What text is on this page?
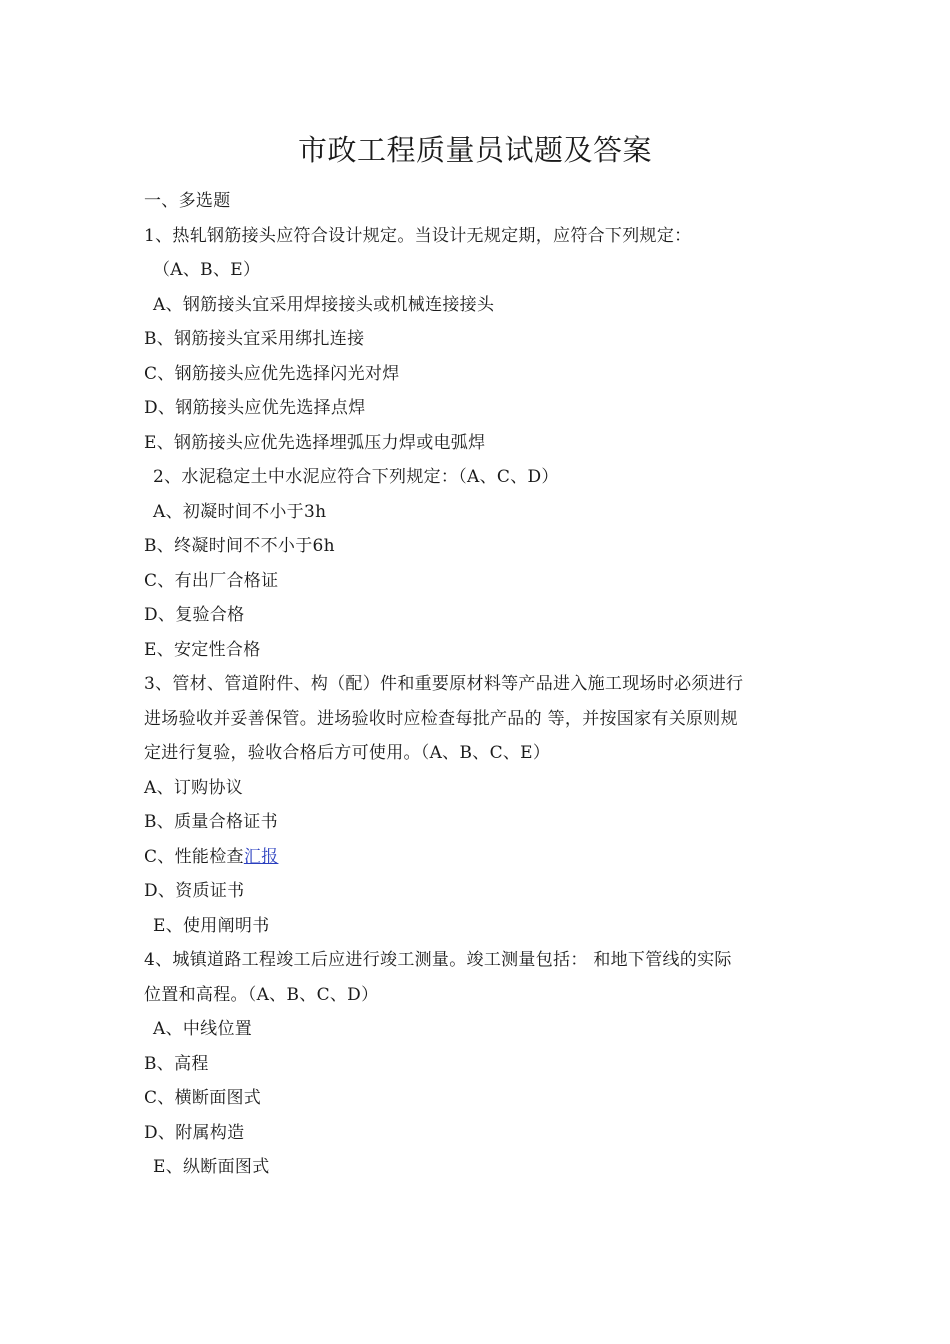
市政工程质量员试题及答案
一、多选题
1、热轧钢筋接头应符合设计规定。当设计无规定期，应符合下列规定：
（A、B、E）
A、钢筋接头宜采用焊接接头或机械连接接头
B、钢筋接头宜采用绑扎连接
C、钢筋接头应优先选择闪光对焊
D、钢筋接头应优先选择点焊
E、钢筋接头应优先选择埋弧压力焊或电弧焊
2、水泥稳定土中水泥应符合下列规定：（A、C、D）
A、初凝时间不小于3h
B、终凝时间不不小于6h
C、有出厂合格证
D、复验合格
E、安定性合格
3、管材、管道附件、构（配）件和重要原材料等产品进入施工现场时必须进行
进场验收并妥善保管。进场验收时应检查每批产品的 等，并按国家有关原则规
定进行复验，验收合格后方可使用。（A、B、C、E）
A、订购协议
B、质量合格证书
C、性能检查汇报
D、资质证书
E、使用阐明书
4、城镇道路工程竣工后应进行竣工测量。竣工测量包括： 和地下管线的实际
位置和高程。（A、B、C、D）
A、中线位置
B、高程
C、横断面图式
D、附属构造
E、纵断面图式
